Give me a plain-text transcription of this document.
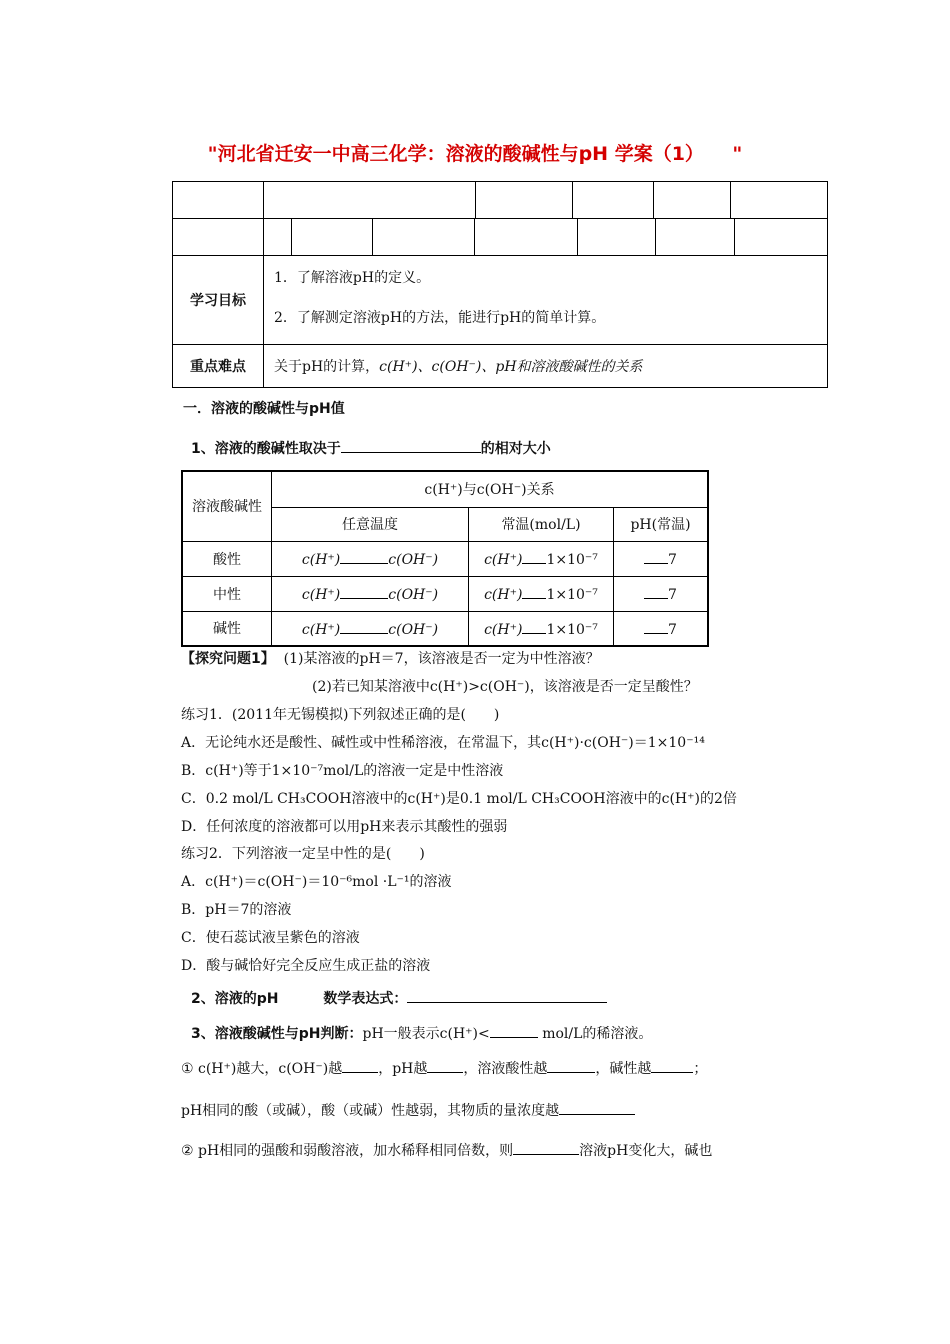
"河北省迁安一中高三化学：溶液的酸碱性与pH 学案（1）　　"

学习目标	1．了解溶液pH的定义。
2．了解测定溶液pH的方法，能进行pH的简单计算。

重点难点	关于pH的计算，c(H⁺)、c(OH⁻)、pH和溶液酸碱性的关系
一．溶液的酸碱性与pH值
1、溶液的酸碱性取决于	的相对大小
溶液酸碱性	c(H⁺)与c(OH⁻)关系		
	任意温度	常温(mol/L)	pH(常温)
酸性	c(H⁺) c(OH⁻)	c(H⁺) 1×10⁻⁷	7
中性	c(H⁺) c(OH⁻)	c(H⁺) 1×10⁻⁷	7
碱性	c(H⁺) c(OH⁻)	c(H⁺) 1×10⁻⁷	7
【探究问题1】 (1)某溶液的pH＝7，该溶液是否一定为中性溶液？
(2)若已知某溶液中c(H⁺)>c(OH⁻)，该溶液是否一定呈酸性？
练习1．(2011年无锡模拟)下列叙述正确的是(　　)
A．无论纯水还是酸性、碱性或中性稀溶液，在常温下，其c(H⁺)·c(OH⁻)＝1×10⁻¹⁴
B．c(H⁺)等于1×10⁻⁷mol/L的溶液一定是中性溶液
C．0.2 mol/L CH₃COOH溶液中的c(H⁺)是0.1 mol/L CH₃COOH溶液中的c(H⁺)的2倍
D．任何浓度的溶液都可以用pH来表示其酸性的强弱
练习2．下列溶液一定呈中性的是(　　)
A．c(H⁺)＝c(OH⁻)＝10⁻⁶mol ·L⁻¹的溶液
B．pH＝7的溶液
C．使石蕊试液呈紫色的溶液
D．酸与碱恰好完全反应生成正盐的溶液
2、溶液的pH	数学表达式：
3、溶液酸碱性与pH判断：pH一般表示c(H⁺)<	mol/L的稀溶液。
① c(H⁺)越大，c(OH⁻)越	，pH越	，溶液酸性越	，碱性越	；
pH相同的酸（或碱），酸（或碱）性越弱，其物质的量浓度越
② pH相同的强酸和弱酸溶液，加水稀释相同倍数，则	溶液pH变化大，碱也
